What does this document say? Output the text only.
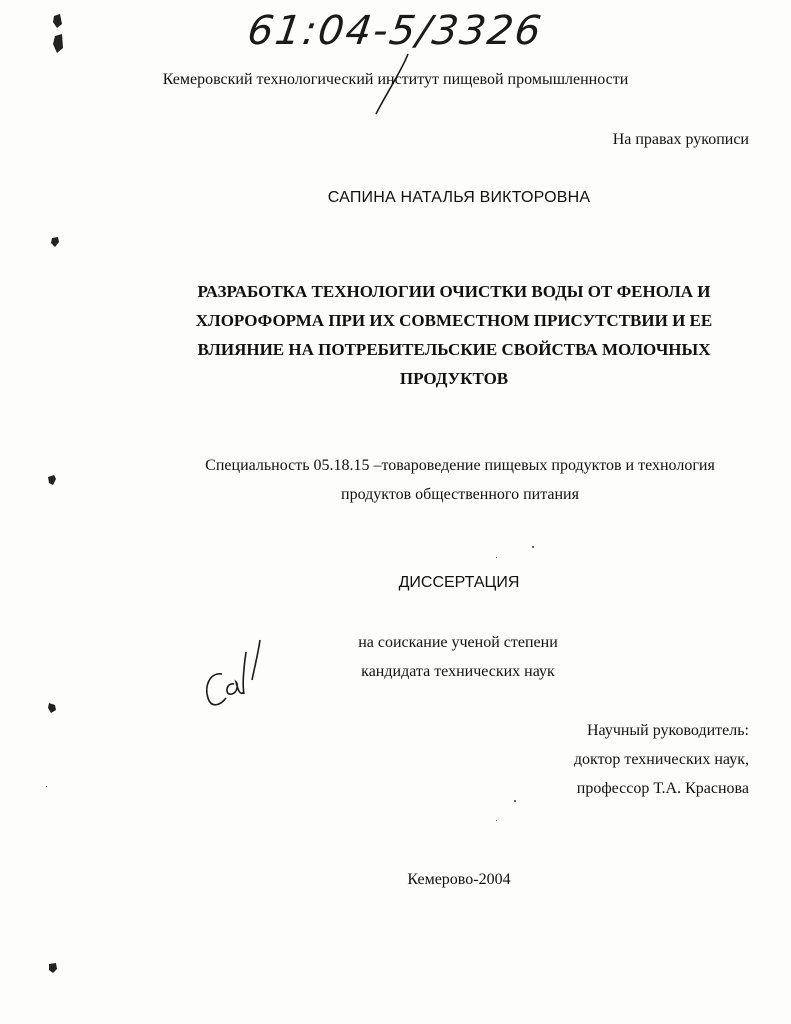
61:04-5/3326
Кемеровский технологический институт пищевой промышленности
На правах рукописи
САПИНА НАТАЛЬЯ ВИКТОРОВНА
РАЗРАБОТКА ТЕХНОЛОГИИ ОЧИСТКИ ВОДЫ ОТ ФЕНОЛА И
ХЛОРОФОРМА ПРИ ИХ СОВМЕСТНОМ ПРИСУТСТВИИ И ЕЕ
ВЛИЯНИЕ НА ПОТРЕБИТЕЛЬСКИЕ СВОЙСТВА МОЛОЧНЫХ
ПРОДУКТОВ
Специальность 05.18.15 –товароведение пищевых продуктов и технология
продуктов общественного питания
ДИССЕРТАЦИЯ
на соискание ученой степени
кандидата технических наук
Научный руководитель:
доктор технических наук,
профессор Т.А. Краснова
Кемерово-2004
